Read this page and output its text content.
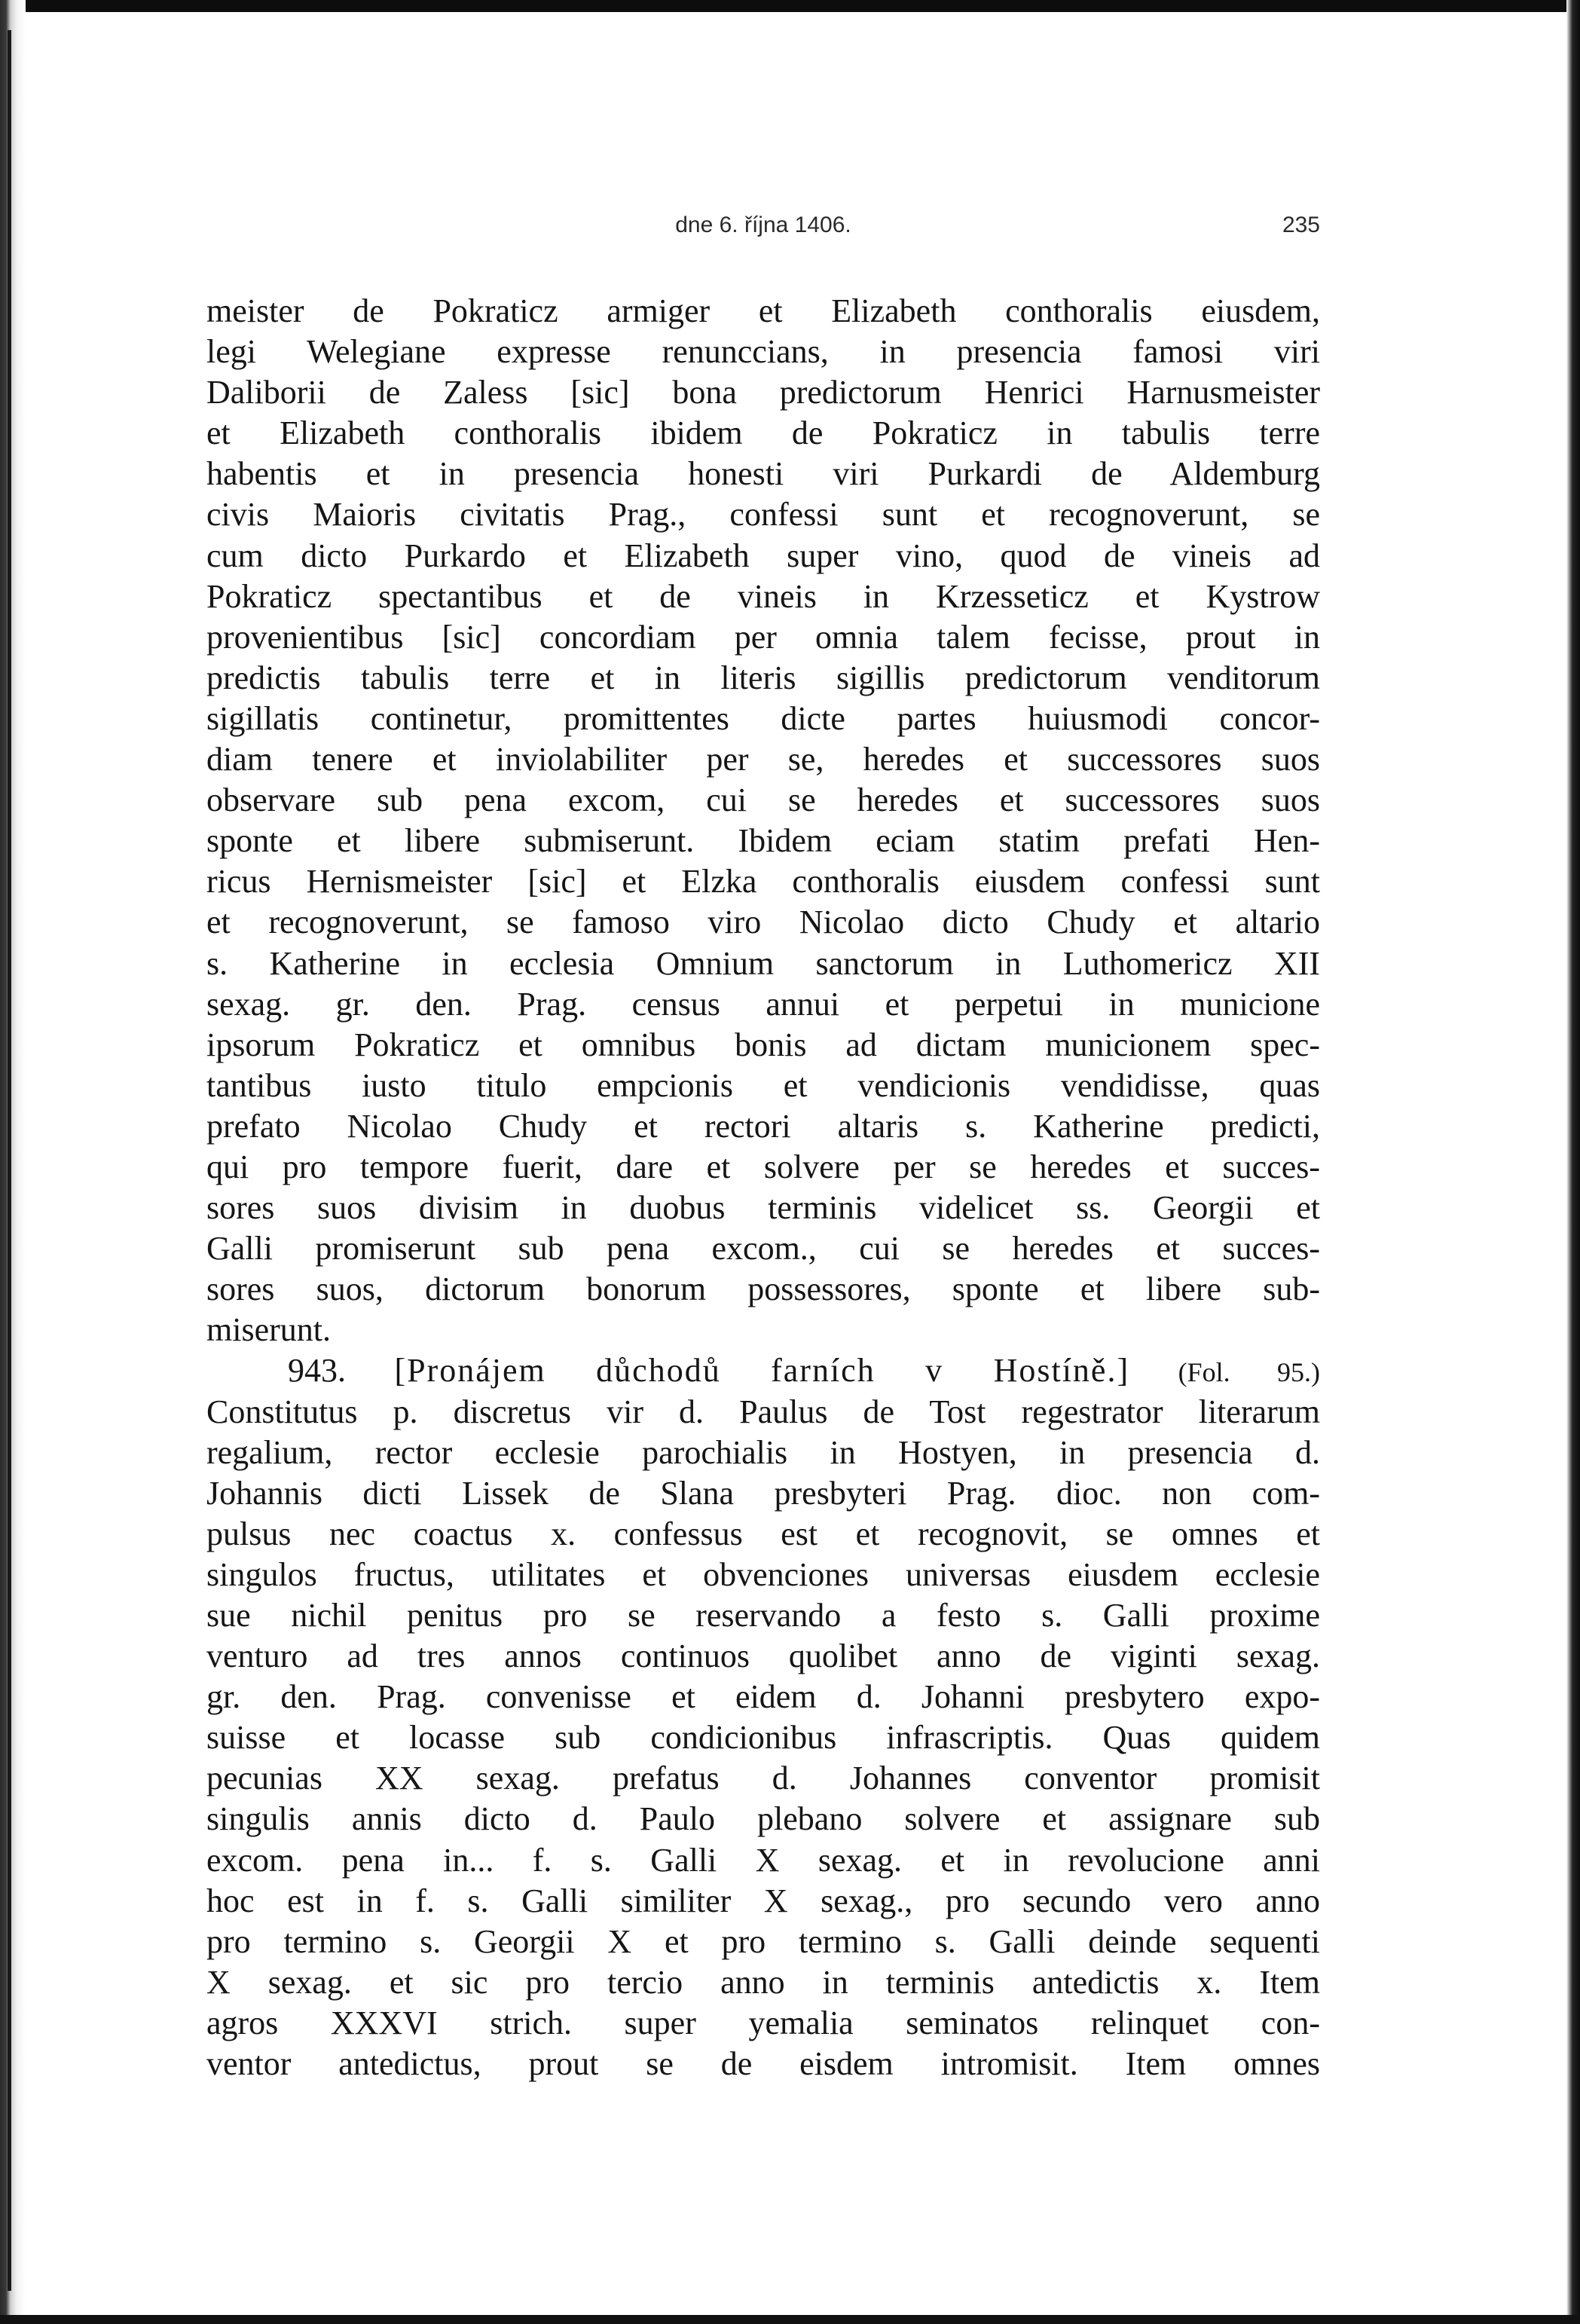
dne 6. října 1406.	235
meister de Pokraticz armiger et Elizabeth conthoralis eiusdem,
legi Welegiane expresse renunccians, in presencia famosi viri
Daliborii de Zaless [sic] bona predictorum Henrici Harnusmeister
et Elizabeth conthoralis ibidem de Pokraticz in tabulis terre
habentis et in presencia honesti viri Purkardi de Aldemburg
civis Maioris civitatis Prag., confessi sunt et recognoverunt, se
cum dicto Purkardo et Elizabeth super vino, quod de vineis ad
Pokraticz spectantibus et de vineis in Krzesseticz et Kystrow
provenientibus [sic] concordiam per omnia talem fecisse, prout in
predictis tabulis terre et in literis sigillis predictorum venditorum
sigillatis continetur, promittentes dicte partes huiusmodi concor-
diam tenere et inviolabiliter per se, heredes et successores suos
observare sub pena excom, cui se heredes et successores suos
sponte et libere submiserunt. Ibidem eciam statim prefati Hen-
ricus Hernismeister [sic] et Elzka conthoralis eiusdem confessi sunt
et recognoverunt, se famoso viro Nicolao dicto Chudy et altario
s. Katherine in ecclesia Omnium sanctorum in Luthomericz XII
sexag. gr. den. Prag. census annui et perpetui in municione
ipsorum Pokraticz et omnibus bonis ad dictam municionem spec-
tantibus iusto titulo empcionis et vendicionis vendidisse, quas
prefato Nicolao Chudy et rectori altaris s. Katherine predicti,
qui pro tempore fuerit, dare et solvere per se heredes et succes-
sores suos divisim in duobus terminis videlicet ss. Georgii et
Galli promiserunt sub pena excom., cui se heredes et succes-
sores suos, dictorum bonorum possessores, sponte et libere sub-
miserunt.
943. [Pronájem důchodů farních v Hostíně.] (Fol. 95.)
Constitutus p. discretus vir d. Paulus de Tost regestrator literarum
regalium, rector ecclesie parochialis in Hostyen, in presencia d.
Johannis dicti Lissek de Slana presbyteri Prag. dioc. non com-
pulsus nec coactus x. confessus est et recognovit, se omnes et
singulos fructus, utilitates et obvenciones universas eiusdem ecclesie
sue nichil penitus pro se reservando a festo s. Galli proxime
venturo ad tres annos continuos quolibet anno de viginti sexag.
gr. den. Prag. convenisse et eidem d. Johanni presbytero expo-
suisse et locasse sub condicionibus infrascriptis. Quas quidem
pecunias XX sexag. prefatus d. Johannes conventor promisit
singulis annis dicto d. Paulo plebano solvere et assignare sub
excom. pena in... f. s. Galli X sexag. et in revolucione anni
hoc est in f. s. Galli similiter X sexag., pro secundo vero anno
pro termino s. Georgii X et pro termino s. Galli deinde sequenti
X sexag. et sic pro tercio anno in terminis antedictis x. Item
agros XXXVI strich. super yemalia seminatos relinquet con-
ventor antedictus, prout se de eisdem intromisit. Item omnes
